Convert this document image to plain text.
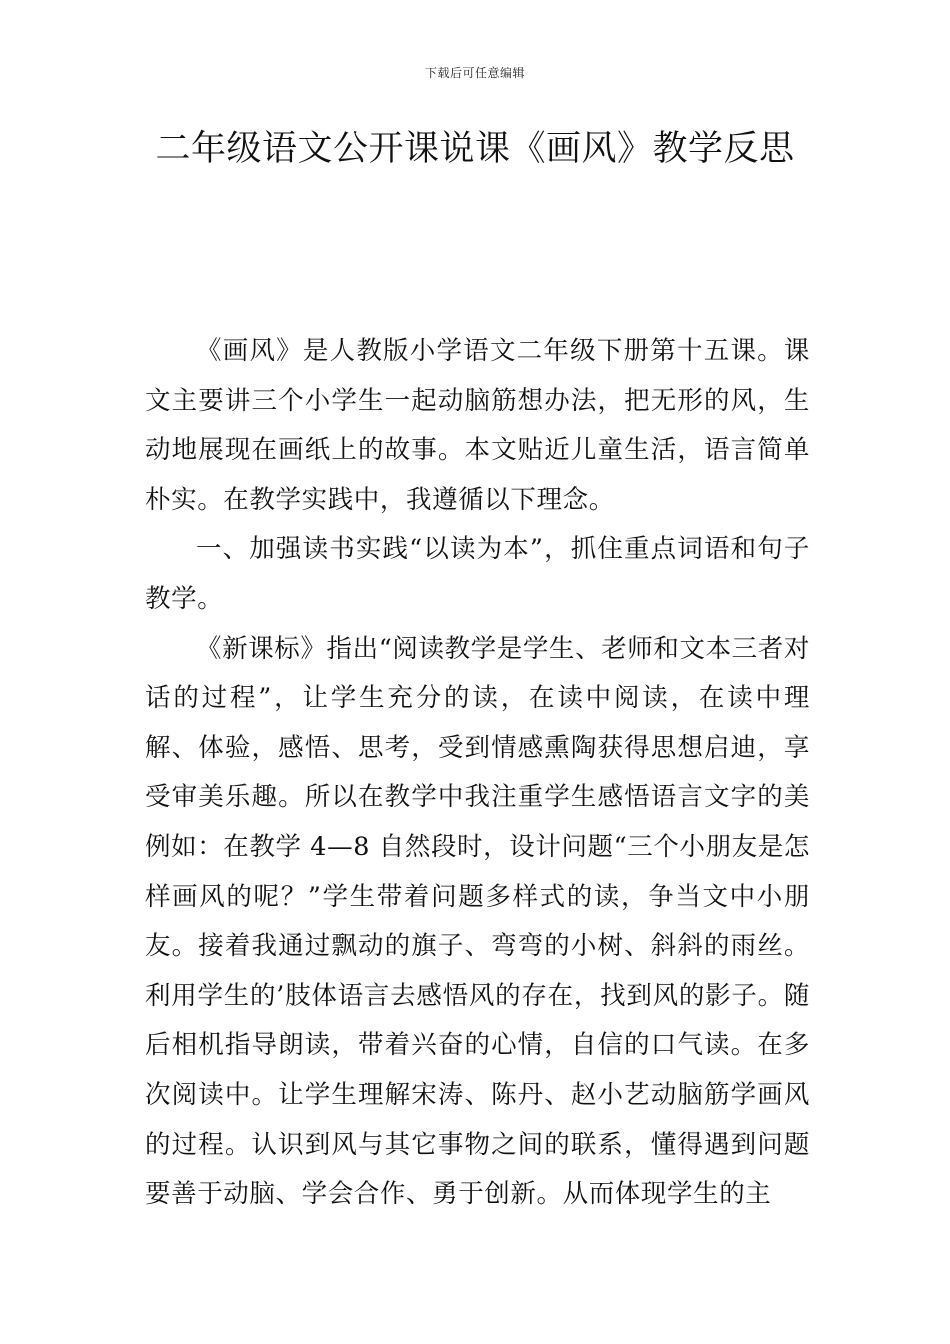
下载后可任意编辑
二年级语文公开课说课《画风》教学反思

《画风》是人教版小学语文二年级下册第十五课。课文主要讲三个小学生一起动脑筋想办法，把无形的风，生动地展现在画纸上的故事。本文贴近儿童生活，语言简单朴实。在教学实践中，我遵循以下理念。

一、加强读书实践“以读为本”，抓住重点词语和句子教学。

《新课标》指出“阅读教学是学生、老师和文本三者对话的过程”，让学生充分的读，在读中阅读，在读中理解、体验，感悟、思考，受到情感熏陶获得思想启迪，享受审美乐趣。所以在教学中我注重学生感悟语言文字的美例如：在教学 4—8 自然段时，设计问题“三个小朋友是怎样画风的呢？”学生带着问题多样式的读，争当文中小朋友。接着我通过飘动的旗子、弯弯的小树、斜斜的雨丝。利用学生的’肢体语言去感悟风的存在，找到风的影子。随后相机指导朗读，带着兴奋的心情，自信的口气读。在多次阅读中。让学生理解宋涛、陈丹、赵小艺动脑筋学画风的过程。认识到风与其它事物之间的联系，懂得遇到问题要善于动脑、学会合作、勇于创新。从而体现学生的主
